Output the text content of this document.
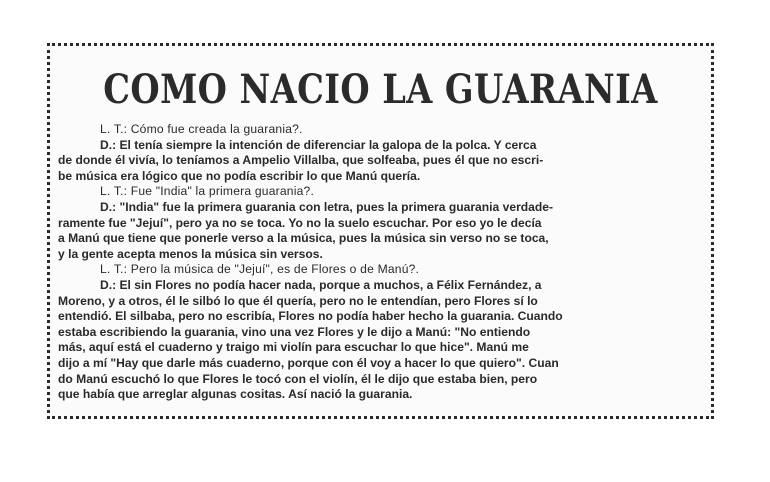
COMO NACIO LA GUARANIA
L. T.: Cómo fue creada la guarania?.
D.: El tenía siempre la intención de diferenciar la galopa de la polca. Y cerca
de donde él vivía, lo teníamos a Ampelio Villalba, que solfeaba, pues él que no escri-
be música era lógico que no podía escribir lo que Manú quería.
L. T.: Fue "India" la primera guarania?.
D.: "India" fue la primera guarania con letra, pues la primera guarania verdade-
ramente fue "Jejuí", pero ya no se toca. Yo no la suelo escuchar. Por eso yo le decía
a Manú que tiene que ponerle verso a la música, pues la música sin verso no se toca,
y la gente acepta menos la música sin versos.
L. T.: Pero la música de "Jejuí", es de Flores o de Manú?.
D.: El sin Flores no podía hacer nada, porque a muchos, a Félix Fernández, a
Moreno, y a otros, él le silbó lo que él quería, pero no le entendían, pero Flores sí lo
entendió. El silbaba, pero no escribía, Flores no podía haber hecho la guarania. Cuando
estaba escribiendo la guarania, vino una vez Flores y le dijo a Manú: "No entiendo
más, aquí está el cuaderno y traigo mi violín para escuchar lo que hice". Manú me
dijo a mí "Hay que darle más cuaderno, porque con él voy a hacer lo que quiero". Cuan
do Manú escuchó lo que Flores le tocó con el violín, él le dijo que estaba bien, pero
que había que arreglar algunas cositas. Así nació la guarania.
